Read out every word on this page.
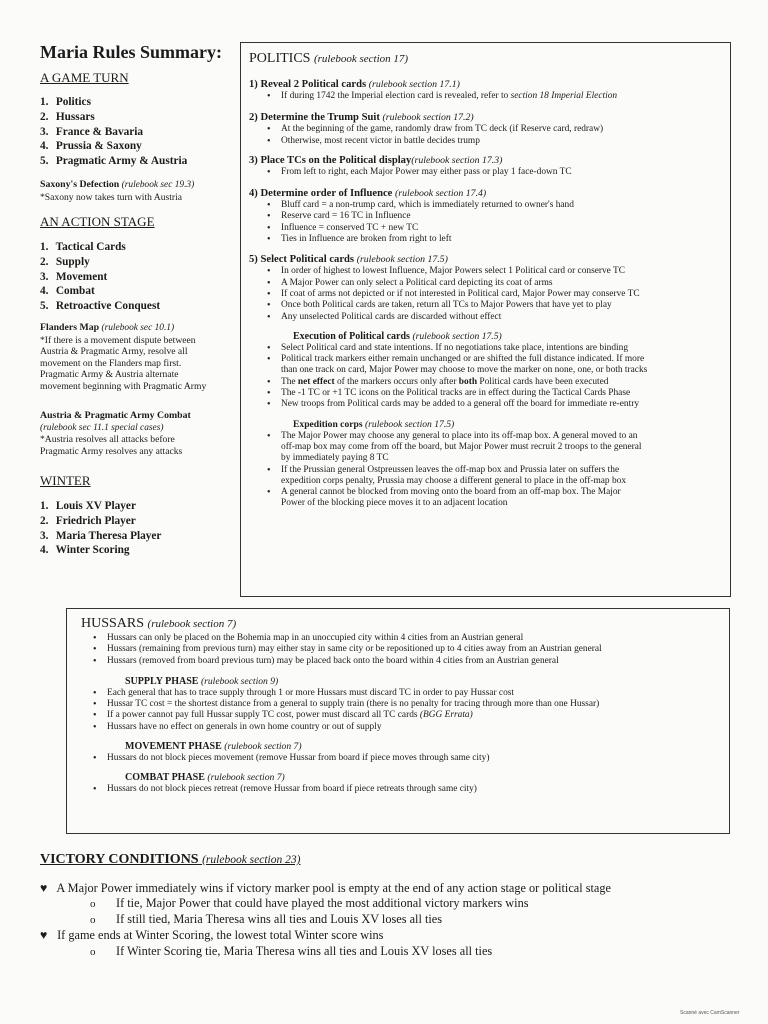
Maria Rules Summary:
A GAME TURN
1. Politics
2. Hussars
3. France & Bavaria
4. Prussia & Saxony
5. Pragmatic Army & Austria
Saxony's Defection (rulebook sec 19.3)
*Saxony now takes turn with Austria
AN ACTION STAGE
1. Tactical Cards
2. Supply
3. Movement
4. Combat
5. Retroactive Conquest
Flanders Map (rulebook sec 10.1)
*If there is a movement dispute between
Austria & Pragmatic Army, resolve all
movement on the Flanders map first.
Pragmatic Army & Austria alternate
movement beginning with Pragmatic Army
Austria & Pragmatic Army Combat
(rulebook sec 11.1 special cases)
*Austria resolves all attacks before
Pragmatic Army resolves any attacks
WINTER
1. Louis XV Player
2. Friedrich Player
3. Maria Theresa Player
4. Winter Scoring
POLITICS (rulebook section 17)
1) Reveal 2 Political cards (rulebook section 17.1)
• If during 1742 the Imperial election card is revealed, refer to section 18 Imperial Election
2) Determine the Trump Suit (rulebook section 17.2)
• At the beginning of the game, randomly draw from TC deck (if Reserve card, redraw)
• Otherwise, most recent victor in battle decides trump
3) Place TCs on the Political display(rulebook section 17.3)
• From left to right, each Major Power may either pass or play 1 face-down TC
4) Determine order of Influence (rulebook section 17.4)
• Bluff card = a non-trump card, which is immediately returned to owner's hand
• Reserve card = 16 TC in Influence
• Influence = conserved TC + new TC
• Ties in Influence are broken from right to left
5) Select Political cards (rulebook section 17.5)
• In order of highest to lowest Influence, Major Powers select 1 Political card or conserve TC
• A Major Power can only select a Political card depicting its coat of arms
• If coat of arms not depicted or if not interested in Political card, Major Power may conserve TC
• Once both Political cards are taken, return all TCs to Major Powers that have yet to play
• Any unselected Political cards are discarded without effect
Execution of Political cards (rulebook section 17.5)
• Select Political card and state intentions. If no negotiations take place, intentions are binding
• Political track markers either remain unchanged or are shifted the full distance indicated. If more
than one track on card, Major Power may choose to move the marker on none, one, or both tracks
• The net effect of the markers occurs only after both Political cards have been executed
• The -1 TC or +1 TC icons on the Political tracks are in effect during the Tactical Cards Phase
• New troops from Political cards may be added to a general off the board for immediate re-entry
Expedition corps (rulebook section 17.5)
• The Major Power may choose any general to place into its off-map box. A general moved to an
off-map box may come from off the board, but Major Power must recruit 2 troops to the general
by immediately paying 8 TC
• If the Prussian general Ostpreussen leaves the off-map box and Prussia later on suffers the
expedition corps penalty, Prussia may choose a different general to place in the off-map box
• A general cannot be blocked from moving onto the board from an off-map box. The Major
Power of the blocking piece moves it to an adjacent location
HUSSARS (rulebook section 7)
• Hussars can only be placed on the Bohemia map in an unoccupied city within 4 cities from an Austrian general
• Hussars (remaining from previous turn) may either stay in same city or be repositioned up to 4 cities away from an Austrian general
• Hussars (removed from board previous turn) may be placed back onto the board within 4 cities from an Austrian general
SUPPLY PHASE (rulebook section 9)
• Each general that has to trace supply through 1 or more Hussars must discard TC in order to pay Hussar cost
• Hussar TC cost = the shortest distance from a general to supply train (there is no penalty for tracing through more than one Hussar)
• If a power cannot pay full Hussar supply TC cost, power must discard all TC cards (BGG Errata)
• Hussars have no effect on generals in own home country or out of supply
MOVEMENT PHASE (rulebook section 7)
• Hussars do not block pieces movement (remove Hussar from board if piece moves through same city)
COMBAT PHASE (rulebook section 7)
• Hussars do not block pieces retreat (remove Hussar from board if piece retreats through same city)
VICTORY CONDITIONS (rulebook section 23)
♥ A Major Power immediately wins if victory marker pool is empty at the end of any action stage or political stage
o If tie, Major Power that could have played the most additional victory markers wins
o If still tied, Maria Theresa wins all ties and Louis XV loses all ties
♥ If game ends at Winter Scoring, the lowest total Winter score wins
o If Winter Scoring tie, Maria Theresa wins all ties and Louis XV loses all ties
Scanné avec CamScanner
